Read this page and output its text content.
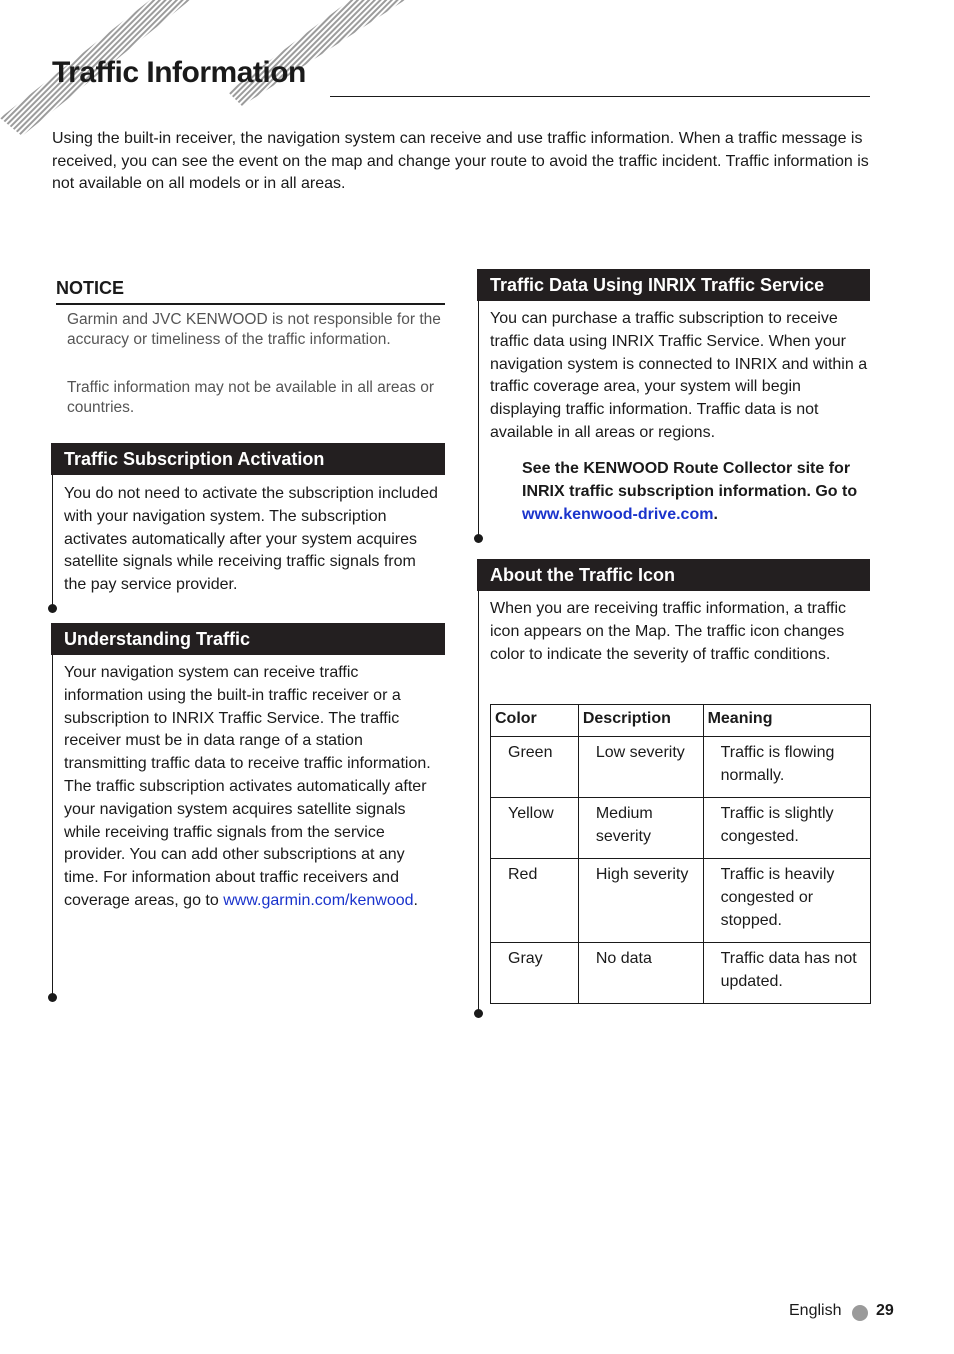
Traffic Information

Using the built-in receiver, the navigation system can receive and use traffic information. When a traffic message is received, you can see the event on the map and change your route to avoid the traffic incident. Traffic information is not available on all models or in all areas.

NOTICE

Garmin and JVC KENWOOD is not responsible for the accuracy or timeliness of the traffic information.

Traffic information may not be available in all areas or countries.

Traffic Subscription Activation

You do not need to activate the subscription included with your navigation system. The subscription activates automatically after your system acquires satellite signals while receiving traffic signals from the pay service provider.

Understanding Traffic

Your navigation system can receive traffic information using the built-in traffic receiver or a subscription to INRIX Traffic Service. The traffic receiver must be in data range of a station transmitting traffic data to receive traffic information. The traffic subscription activates automatically after your navigation system acquires satellite signals while receiving traffic signals from the service provider. You can add other subscriptions at any time. For information about traffic receivers and coverage areas, go to www.garmin.com/kenwood.

Traffic Data Using INRIX Traffic Service

You can purchase a traffic subscription to receive traffic data using INRIX Traffic Service. When your navigation system is connected to INRIX and within a traffic coverage area, your system will begin displaying traffic information. Traffic data is not available in all areas or regions.

See the KENWOOD Route Collector site for INRIX traffic subscription information. Go to www.kenwood-drive.com.

About the Traffic Icon

When you are receiving traffic information, a traffic icon appears on the Map. The traffic icon changes color to indicate the severity of traffic conditions.

Color	Description	Meaning
Green	Low severity	Traffic is flowing normally.
Yellow	Medium severity	Traffic is slightly congested.
Red	High severity	Traffic is heavily congested or stopped.
Gray	No data	Traffic data has not updated.
English 29
